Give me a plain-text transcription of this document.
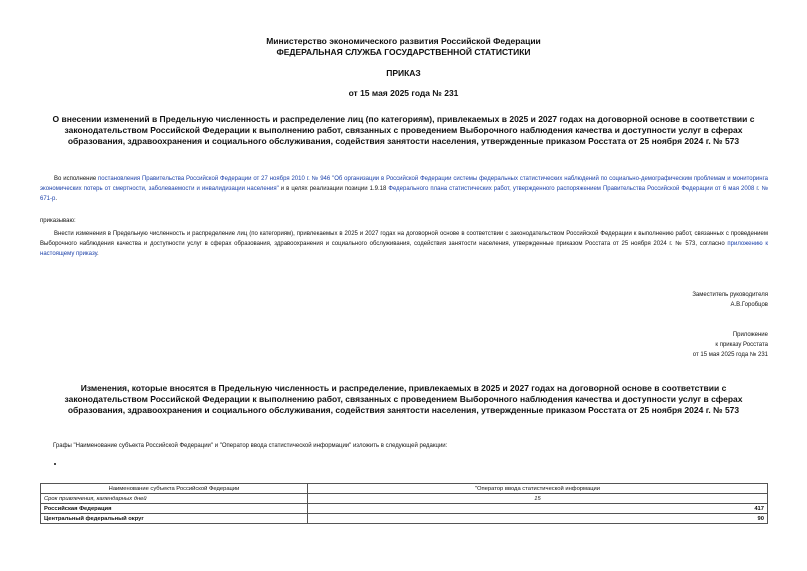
Министерство экономического развития Российской Федерации
ФЕДЕРАЛЬНАЯ СЛУЖБА ГОСУДАРСТВЕННОЙ СТАТИСТИКИ
ПРИКАЗ
от 15 мая 2025 года № 231
О внесении изменений в Предельную численность и распределение лиц (по категориям), привлекаемых в 2025 и 2027 годах на договорной основе в соответствии с законодательством Российской Федерации к выполнению работ, связанных с проведением Выборочного наблюдения качества и доступности услуг в сферах образования, здравоохранения и социального обслуживания, содействия занятости населения, утвержденные приказом Росстата от 25 ноября 2024 г. № 573
Во исполнение постановления Правительства Российской Федерации от 27 ноября 2010 г. № 946 "Об организации в Российской Федерации системы федеральных статистических наблюдений по социально-демографическим проблемам и мониторинга экономических потерь от смертности, заболеваемости и инвалидизации населения" и в целях реализации позиции 1.9.18 Федерального плана статистических работ, утвержденного распоряжением Правительства Российской Федерации от 6 мая 2008 г. № 671-р.
приказываю:
Внести изменения в Предельную численность и распределение лиц (по категориям), привлекаемых в 2025 и 2027 годах на договорной основе в соответствии с законодательством Российской Федерации к выполнению работ, связанных с проведением Выборочного наблюдения качества и доступности услуг в сферах образования, здравоохранения и социального обслуживания, содействия занятости населения, утвержденные приказом Росстата от 25 ноября 2024 г. № 573, согласно приложению к настоящему приказу.
Заместитель руководителя
А.В.Горобцов
Приложение
к приказу Росстата
от 15 мая 2025 года № 231
Изменения, которые вносятся в Предельную численность и распределение, привлекаемых в 2025 и 2027 годах на договорной основе в соответствии с законодательством Российской Федерации к выполнению работ, связанных с проведением Выборочного наблюдения качества и доступности услуг в сферах образования, здравоохранения и социального обслуживания, содействия занятости населения, утвержденные приказом Росстата от 25 ноября 2024 г. № 573
Графы "Наименование субъекта Российской Федерации" и "Оператор ввода статистической информации" изложить в следующей редакции:
Наименование субъекта Российской Федерации	"Оператор ввода статистической информации
Срок привлечения, календарных дней	15
Российская Федерация	417
Центральный федеральный округ	90
